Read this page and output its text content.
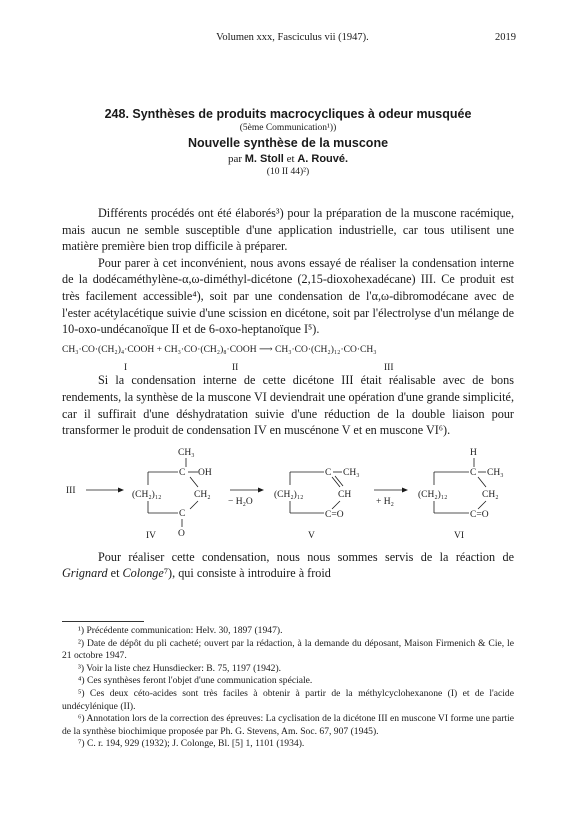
Volumen xxx, Fasciculus vii (1947).	2019
248. Synthèses de produits macrocycliques à odeur musquée
(5ème Communication¹))
Nouvelle synthèse de la muscone
par M. Stoll et A. Rouvé.
(10 II 44)²)

Différents procédés ont été élaborés³) pour la préparation de la muscone racémique, mais aucun ne semble susceptible d'une application industrielle, car tous utilisent une matière première bien trop difficile à préparer.

Pour parer à cet inconvénient, nous avons essayé de réaliser la condensation interne de la dodécaméthylène-α,ω-diméthyl-dicétone (2,15-dioxohexadécane) III. Ce produit est très facilement accessible⁴), soit par une condensation de l'α,ω-dibromodécane avec de l'ester acétylacétique suivie d'une scission en dicétone, soit par l'électrolyse d'un mélange de 10-oxo-undécanoïque II et de 6-oxo-heptanoïque I⁵).

CH₃·CO·(CH₂)₄·COOH + CH₃·CO·(CH₂)₈·COOH ⟶ CH₃·CO·(CH₂)₁₂·CO·CH₃
I	II	III

Si la condensation interne de cette dicétone III était réalisable avec de bons rendements, la synthèse de la muscone VI deviendrait une opération d'une grande simplicité, car il suffirait d'une déshydratation suivie d'une réduction de la double liaison pour transformer le produit de condensation IV en muscénone V et en muscone VI⁶).

III
CH₃
C OH
(CH₂)₁₂	CH₂
C
O
IV
− H₂O
C CH₃
(CH₂)₁₂	CH
C=O
V
+ H₂
H
C CH₃
(CH₂)₁₂	CH₂
C=O
VI

Pour réaliser cette condensation, nous nous sommes servis de la réaction de Grignard et Colonge⁷), qui consiste à introduire à froid

¹) Précédente communication: Helv. 30, 1897 (1947).
²) Date de dépôt du pli cacheté; ouvert par la rédaction, à la demande du déposant, Maison Firmenich & Cie, le 21 octobre 1947.
³) Voir la liste chez Hunsdiecker: B. 75, 1197 (1942).
⁴) Ces synthèses feront l'objet d'une communication spéciale.
⁵) Ces deux céto-acides sont très faciles à obtenir à partir de la méthylcyclohexanone (I) et de l'acide undécylénique (II).
⁶) Annotation lors de la correction des épreuves: La cyclisation de la dicétone III en muscone VI forme une partie de la synthèse biochimique proposée par Ph. G. Stevens, Am. Soc. 67, 907 (1945).
⁷) C. r. 194, 929 (1932); J. Colonge, Bl. [5] 1, 1101 (1934).
